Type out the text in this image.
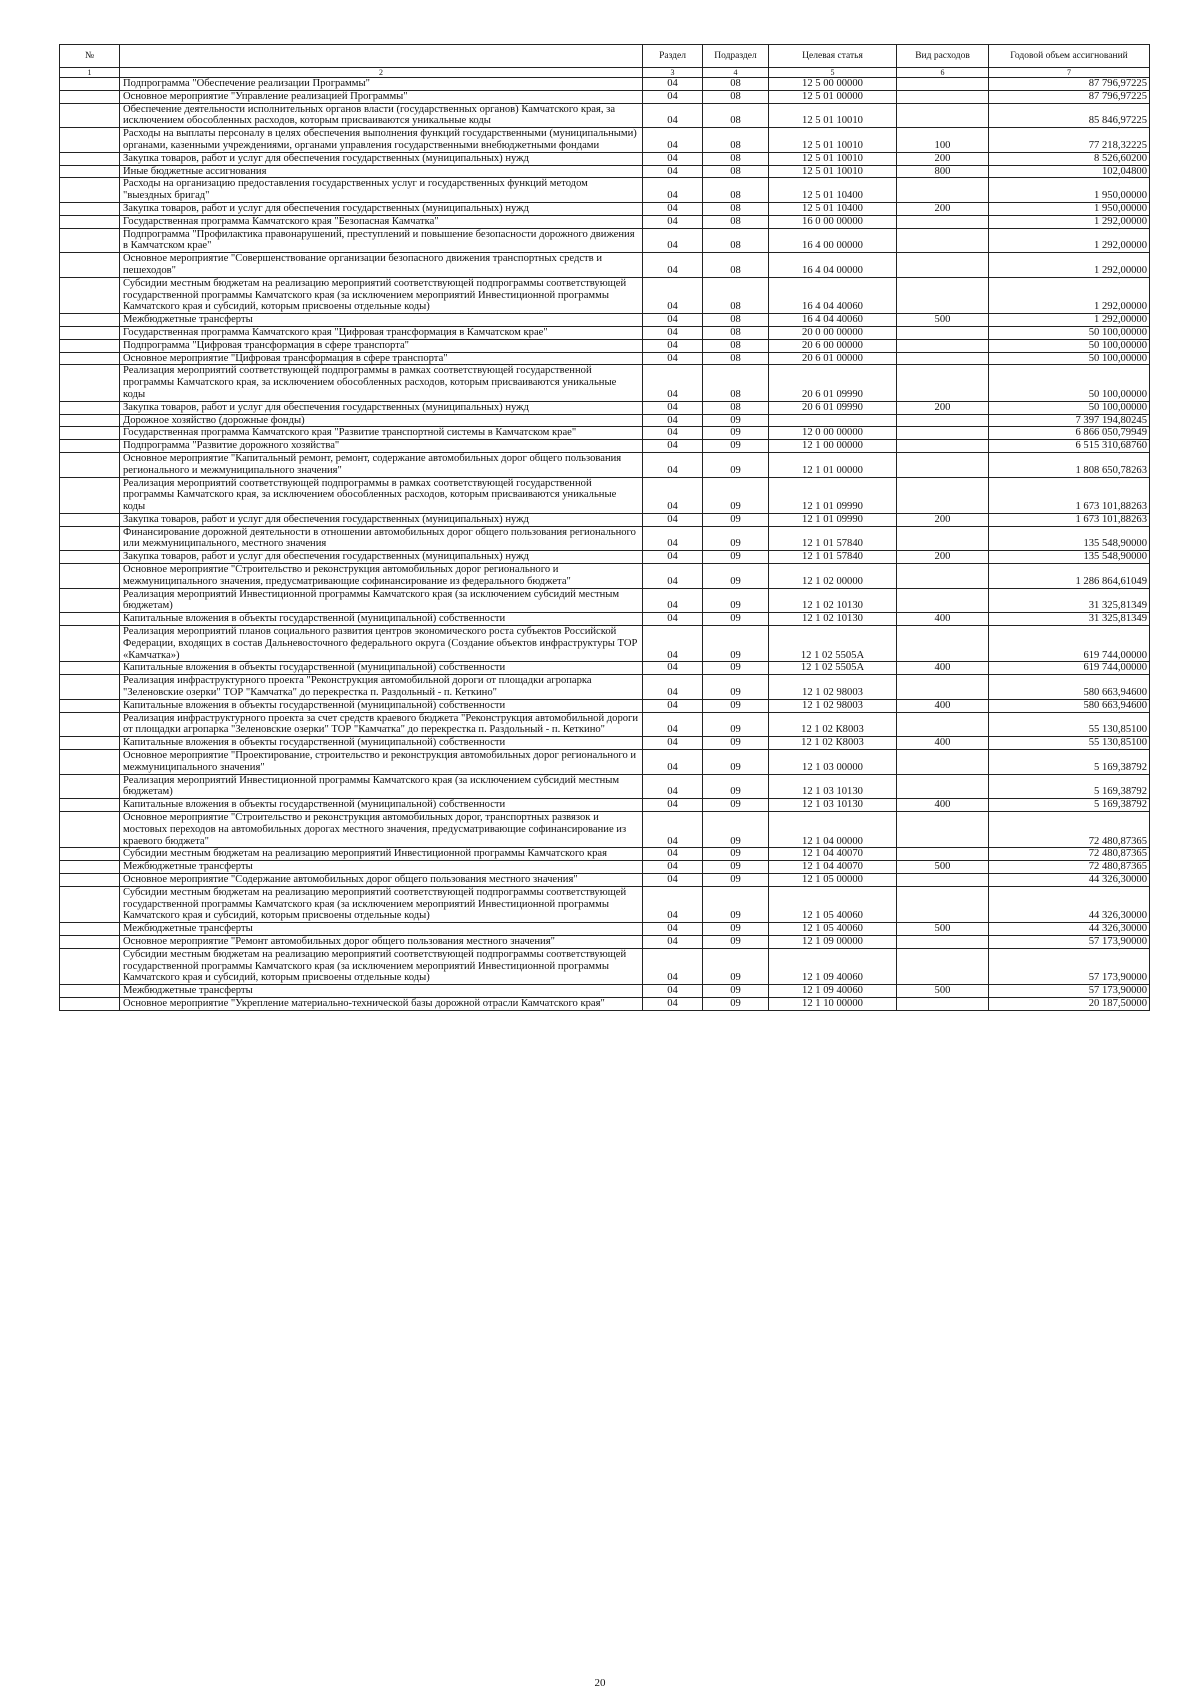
№		Раздел	Подраздел	Целевая статья	Вид расходов	Годовой объем ассигнований
1	2	3	4	5	6	7
	Подпрограмма "Обеспечение реализации Программы"	04	08	12 5 00 00000		87 796,97225
	Основное мероприятие "Управление реализацией Программы"	04	08	12 5 01 00000		87 796,97225
	Обеспечение деятельности исполнительных органов власти (государственных органов) Камчатского края, за исключением обособленных расходов, которым присваиваются уникальные коды	04	08	12 5 01 10010		85 846,97225
	Расходы на выплаты персоналу в целях обеспечения выполнения функций государственными (муниципальными) органами, казенными учреждениями, органами управления государственными внебюджетными фондами	04	08	12 5 01 10010	100	77 218,32225
	Закупка товаров, работ и услуг для обеспечения государственных (муниципальных) нужд	04	08	12 5 01 10010	200	8 526,60200
	Иные бюджетные ассигнования	04	08	12 5 01 10010	800	102,04800
	Расходы на организацию предоставления государственных услуг и государственных функций методом "выездных бригад"	04	08	12 5 01 10400		1 950,00000
	Закупка товаров, работ и услуг для обеспечения государственных (муниципальных) нужд	04	08	12 5 01 10400	200	1 950,00000
	Государственная программа Камчатского края "Безопасная Камчатка"	04	08	16 0 00 00000		1 292,00000
	Подпрограмма "Профилактика правонарушений, преступлений и повышение безопасности дорожного движения в Камчатском крае"	04	08	16 4 00 00000		1 292,00000
	Основное мероприятие "Совершенствование организации безопасного движения транспортных средств и пешеходов"	04	08	16 4 04 00000		1 292,00000
	Субсидии местным бюджетам на реализацию мероприятий соответствующей подпрограммы соответствующей государственной программы Камчатского края (за исключением мероприятий Инвестиционной программы Камчатского края и субсидий, которым присвоены отдельные коды)	04	08	16 4 04 40060		1 292,00000
	Межбюджетные трансферты	04	08	16 4 04 40060	500	1 292,00000
	Государственная программа Камчатского края "Цифровая трансформация в Камчатском крае"	04	08	20 0 00 00000		50 100,00000
	Подпрограмма "Цифровая трансформация в сфере транспорта"	04	08	20 6 00 00000		50 100,00000
	Основное мероприятие "Цифровая трансформация в сфере транспорта"	04	08	20 6 01 00000		50 100,00000
	Реализация мероприятий соответствующей подпрограммы в рамках соответствующей государственной программы Камчатского края, за исключением обособленных расходов, которым присваиваются уникальные коды	04	08	20 6 01 09990		50 100,00000
	Закупка товаров, работ и услуг для обеспечения государственных (муниципальных) нужд	04	08	20 6 01 09990	200	50 100,00000
	Дорожное хозяйство (дорожные фонды)	04	09			7 397 194,80245
	Государственная программа Камчатского края "Развитие транспортной системы в Камчатском крае"	04	09	12 0 00 00000		6 866 050,79949
	Подпрограмма "Развитие дорожного хозяйства"	04	09	12 1 00 00000		6 515 310,68760
	Основное мероприятие "Капитальный ремонт, ремонт, содержание автомобильных дорог общего пользования регионального и межмуниципального значения"	04	09	12 1 01 00000		1 808 650,78263
	Реализация мероприятий соответствующей подпрограммы в рамках соответствующей государственной программы Камчатского края, за исключением обособленных расходов, которым присваиваются уникальные коды	04	09	12 1 01 09990		1 673 101,88263
	Закупка товаров, работ и услуг для обеспечения государственных (муниципальных) нужд	04	09	12 1 01 09990	200	1 673 101,88263
	Финансирование дорожной деятельности в отношении автомобильных дорог общего пользования регионального или межмуниципального, местного значения	04	09	12 1 01 57840		135 548,90000
	Закупка товаров, работ и услуг для обеспечения государственных (муниципальных) нужд	04	09	12 1 01 57840	200	135 548,90000
	Основное мероприятие "Строительство и реконструкция автомобильных дорог регионального и межмуниципального значения, предусматривающие софинансирование из федерального бюджета"	04	09	12 1 02 00000		1 286 864,61049
	Реализация мероприятий Инвестиционной программы Камчатского края (за исключением субсидий местным бюджетам)	04	09	12 1 02 10130		31 325,81349
	Капитальные вложения в объекты государственной (муниципальной) собственности	04	09	12 1 02 10130	400	31 325,81349
	Реализация мероприятий планов социального развития центров экономического роста субъектов Российской Федерации, входящих в состав Дальневосточного федерального округа (Создание объектов инфраструктуры ТОР «Камчатка»)	04	09	12 1 02 5505А		619 744,00000
	Капитальные вложения в объекты государственной (муниципальной) собственности	04	09	12 1 02 5505А	400	619 744,00000
	Реализация инфраструктурного проекта "Реконструкция автомобильной дороги от площадки агропарка "Зеленовские озерки" ТОР "Камчатка" до перекрестка п. Раздольный - п. Кеткино"	04	09	12 1 02 98003		580 663,94600
	Капитальные вложения в объекты государственной (муниципальной) собственности	04	09	12 1 02 98003	400	580 663,94600
	Реализация инфраструктурного проекта за счет средств краевого бюджета "Реконструкция автомобильной дороги от площадки агропарка "Зеленовские озерки" ТОР "Камчатка" до перекрестка п. Раздольный - п. Кеткино"	04	09	12 1 02 К8003		55 130,85100
	Капитальные вложения в объекты государственной (муниципальной) собственности	04	09	12 1 02 К8003	400	55 130,85100
	Основное мероприятие "Проектирование, строительство и реконструкция автомобильных дорог регионального и межмуниципального значения"	04	09	12 1 03 00000		5 169,38792
	Реализация мероприятий Инвестиционной программы Камчатского края (за исключением субсидий местным бюджетам)	04	09	12 1 03 10130		5 169,38792
	Капитальные вложения в объекты государственной (муниципальной) собственности	04	09	12 1 03 10130	400	5 169,38792
	Основное мероприятие "Строительство и реконструкция автомобильных дорог, транспортных развязок и мостовых переходов на автомобильных дорогах местного значения, предусматривающие софинансирование из краевого бюджета"	04	09	12 1 04 00000		72 480,87365
	Субсидии местным бюджетам на реализацию мероприятий Инвестиционной программы Камчатского края	04	09	12 1 04 40070		72 480,87365
	Межбюджетные трансферты	04	09	12 1 04 40070	500	72 480,87365
	Основное мероприятие "Содержание автомобильных дорог общего пользования местного значения"	04	09	12 1 05 00000		44 326,30000
	Субсидии местным бюджетам на реализацию мероприятий соответствующей подпрограммы соответствующей государственной программы Камчатского края (за исключением мероприятий Инвестиционной программы Камчатского края и субсидий, которым присвоены отдельные коды)	04	09	12 1 05 40060		44 326,30000
	Межбюджетные трансферты	04	09	12 1 05 40060	500	44 326,30000
	Основное мероприятие "Ремонт автомобильных дорог общего пользования местного значения"	04	09	12 1 09 00000		57 173,90000
	Субсидии местным бюджетам на реализацию мероприятий соответствующей подпрограммы соответствующей государственной программы Камчатского края (за исключением мероприятий Инвестиционной программы Камчатского края и субсидий, которым присвоены отдельные коды)	04	09	12 1 09 40060		57 173,90000
	Межбюджетные трансферты	04	09	12 1 09 40060	500	57 173,90000
	Основное мероприятие "Укрепление материально-технической базы дорожной отрасли Камчатского края"	04	09	12 1 10 00000		20 187,50000
20
